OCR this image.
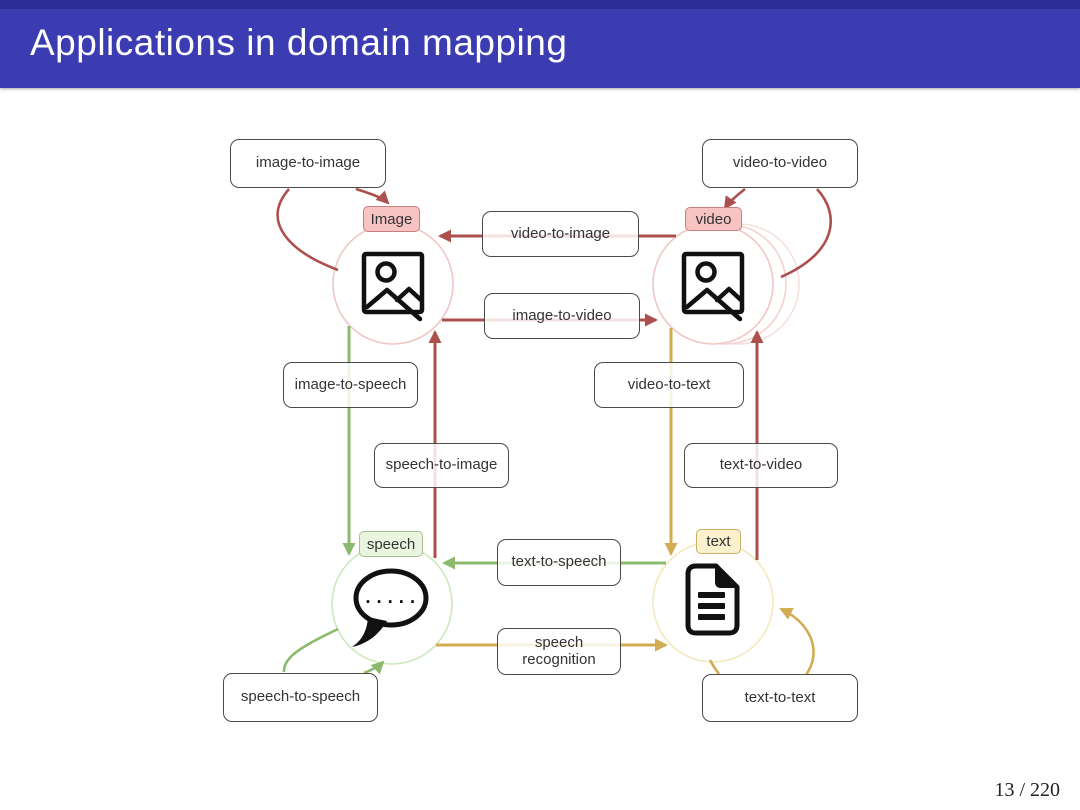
Applications in domain mapping
.....
image-to-image	video-to-video
video-to-image
image-to-video
image-to-speech
speech-to-image
video-to-text
text-to-video
text-to-speech
speech recognition
speech-to-speech	text-to-text
Image	video
speech	text
13 / 220
